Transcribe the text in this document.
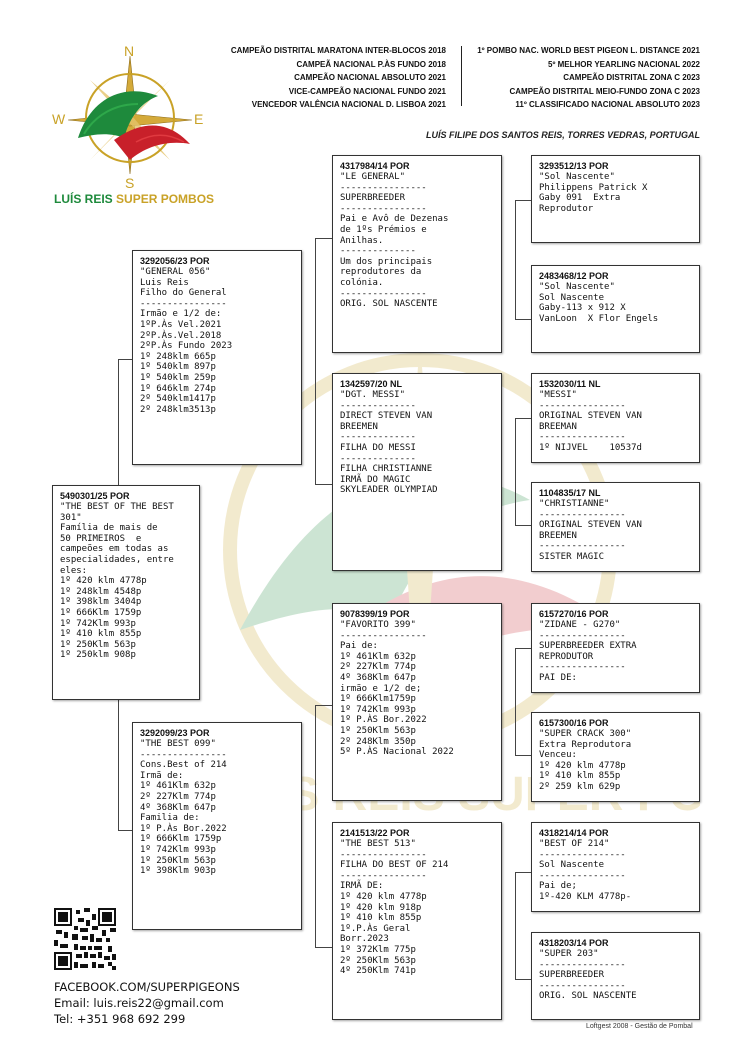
N
S
W	E
LUÍS REIS SUPER POMBOS
CAMPEÃO DISTRITAL MARATONA INTER-BLOCOS 2018
CAMPEÃ NACIONAL P.ÀS FUNDO 2018
CAMPEÃO NACIONAL ABSOLUTO 2021
VICE-CAMPEÃO NACIONAL FUNDO 2021
VENCEDOR VALÊNCIA NACIONAL D. LISBOA 2021
1º POMBO NAC. WORLD BEST PIGEON L. DISTANCE 2021
5º MELHOR YEARLING NACIONAL 2022
CAMPEÃO DISTRITAL ZONA C 2023
CAMPEÃO DISTRITAL MEIO-FUNDO ZONA C 2023
11º CLASSIFICADO NACIONAL ABSOLUTO 2023
LUÍS FILIPE DOS SANTOS REIS, TORRES VEDRAS, PORTUGAL
5490301/25 POR
"THE BEST OF THE BEST
301"
Família de mais de
50 PRIMEIROS  e
campeões em todas as
especialidades, entre
eles:
1º 420 klm 4778p
1º 248klm 4548p
1º 398klm 3404p
1º 666Klm 1759p
1º 742Klm 993p
1º 410 klm 855p
1º 250Klm 563p
1º 250klm 908p
3292056/23 POR
"GENERAL 056"
Luis Reis
Filho do General
----------------
Irmão e 1/2 de:
1ºP.Às Vel.2021
2ºP.Às.Vel.2018
2ºP.Às Fundo 2023
1º 248klm 665p
1º 540klm 897p
1º 540klm 259p
1º 646klm 274p
2º 540klm1417p
2º 248klm3513p
3292099/23 POR
"THE BEST 099"
----------------
Cons.Best of 214
Irmã de:
1º 461Klm 632p
2º 227Klm 774p
4º 368Klm 647p
Familia de:
1º P.Às Bor.2022
1º 666Klm 1759p
1º 742Klm 993p
1º 250Klm 563p
1º 398Klm 903p
4317984/14 POR
"LE GENERAL"
----------------
SUPERBREEDER
----------------
Pai e Avô de Dezenas
de 1ºs Prémios e
Anilhas.
--------------
Um dos principais
reprodutores da
colónia.
----------------
ORIG. SOL NASCENTE
1342597/20 NL
"DGT. MESSI"
--------------
DIRECT STEVEN VAN
BREEMEN
--------------
FILHA DO MESSI
--------------
FILHA CHRISTIANNE
IRMÃ DO MAGIC
SKYLEADER OLYMPIAD
9078399/19 POR
"FAVORITO 399"
----------------
Pai de:
1º 461Klm 632p
2º 227Klm 774p
4º 368Klm 647p
irmão e 1/2 de;
1º 666Klm1759p
1º 742Klm 993p
1º P.ÀS Bor.2022
1º 250Klm 563p
2º 248Klm 350p
5º P.ÀS Nacional 2022
2141513/22 POR
"THE BEST 513"
----------------
FILHA DO BEST OF 214
----------------
IRMÃ DE:
1º 420 klm 4778p
1º 420 klm 918p
1º 410 klm 855p
1º.P.Às Geral
Borr.2023
1º 372Klm 775p
2º 250Klm 563p
4º 250Klm 741p
3293512/13 POR
"Sol Nascente"
Philippens Patrick X
Gaby 091  Extra
Reprodutor
2483468/12 POR
"Sol Nascente"
Sol Nascente
Gaby-113 x 912 X
VanLoon  X Flor Engels
1532030/11 NL
"MESSI"
----------------
ORIGINAL STEVEN VAN
BREEMAN
----------------
1º NIJVEL    10537d
1104835/17 NL
"CHRISTIANNE"
----------------
ORIGINAL STEVEN VAN
BREEMEN
----------------
SISTER MAGIC
6157270/16 POR
"ZIDANE - G270"
----------------
SUPERBREEDER EXTRA
REPRODUTOR
----------------
PAI DE:
6157300/16 POR
"SUPER CRACK 300"
Extra Reprodutora
Venceu:
1º 420 klm 4778p
1º 410 klm 855p
2º 259 klm 629p
4318214/14 POR
"BEST OF 214"
----------------
Sol Nascente
----------------
Pai de;
1º-420 KLM 4778p-
4318203/14 POR
"SUPER 203"
----------------
SUPERBREEDER
----------------
ORIG. SOL NASCENTE
FACEBOOK.COM/SUPERPIGEONS
Email: luis.reis22@gmail.com
Tel: +351 968 692 299
Loftgest 2008 - Gestão de Pombal
